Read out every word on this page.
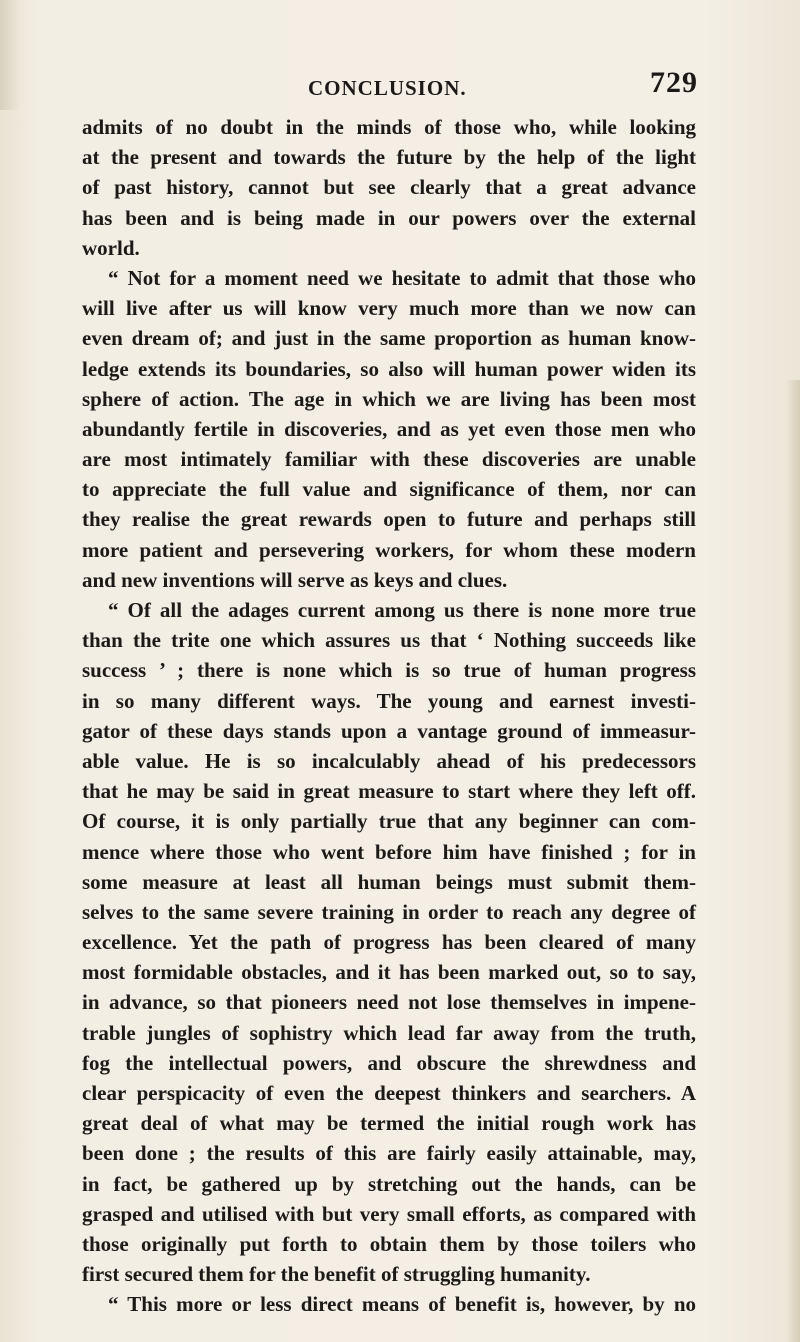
CONCLUSION.	729
admits of no doubt in the minds of those who, while looking
at the present and towards the future by the help of the light
of past history, cannot but see clearly that a great advance
has been and is being made in our powers over the external
world.
“ Not for a moment need we hesitate to admit that those who
will live after us will know very much more than we now can
even dream of; and just in the same proportion as human know-
ledge extends its boundaries, so also will human power widen its
sphere of action. The age in which we are living has been most
abundantly fertile in discoveries, and as yet even those men who
are most intimately familiar with these discoveries are unable
to appreciate the full value and significance of them, nor can
they realise the great rewards open to future and perhaps still
more patient and persevering workers, for whom these modern
and new inventions will serve as keys and clues.
“ Of all the adages current among us there is none more true
than the trite one which assures us that ‘ Nothing succeeds like
success ’ ; there is none which is so true of human progress
in so many different ways. The young and earnest investi-
gator of these days stands upon a vantage ground of immeasur-
able value. He is so incalculably ahead of his predecessors
that he may be said in great measure to start where they left off.
Of course, it is only partially true that any beginner can com-
mence where those who went before him have finished ; for in
some measure at least all human beings must submit them-
selves to the same severe training in order to reach any degree of
excellence. Yet the path of progress has been cleared of many
most formidable obstacles, and it has been marked out, so to say,
in advance, so that pioneers need not lose themselves in impene-
trable jungles of sophistry which lead far away from the truth,
fog the intellectual powers, and obscure the shrewdness and
clear perspicacity of even the deepest thinkers and searchers. A
great deal of what may be termed the initial rough work has
been done ; the results of this are fairly easily attainable, may,
in fact, be gathered up by stretching out the hands, can be
grasped and utilised with but very small efforts, as compared with
those originally put forth to obtain them by those toilers who
first secured them for the benefit of struggling humanity.
“ This more or less direct means of benefit is, however, by no
